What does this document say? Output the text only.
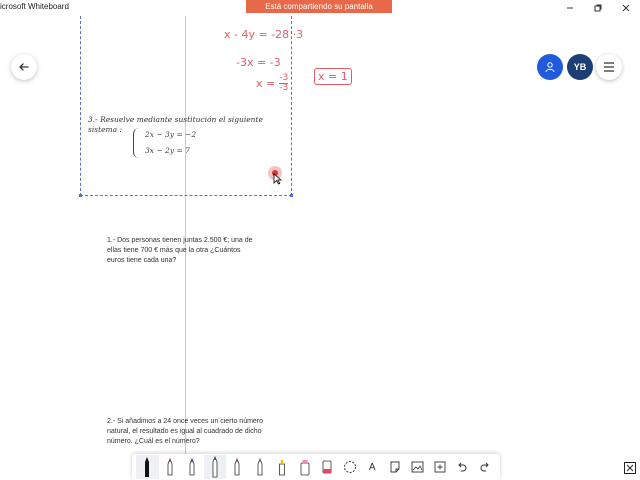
icrosoft Whiteboard	Está compartiendo su pantalla
YB
x - 4y = -28 ·3
-3x = -3
$x = \frac{-3}{-3}$	x = 1
3.- Resuelve mediante sustitución el siguiente sistema :
2x − 3y = −2
3x − 2y = 7
1.- Dos personas tienen juntas 2.500 €; una de ellas tiene 700 € más que la otra ¿Cuántos euros tiene cada una?
2.- Si añadimos a 24 once veces un cierto número natural, el resultado es igual al cuadrado de dicho número. ¿Cuál es el número?
A
